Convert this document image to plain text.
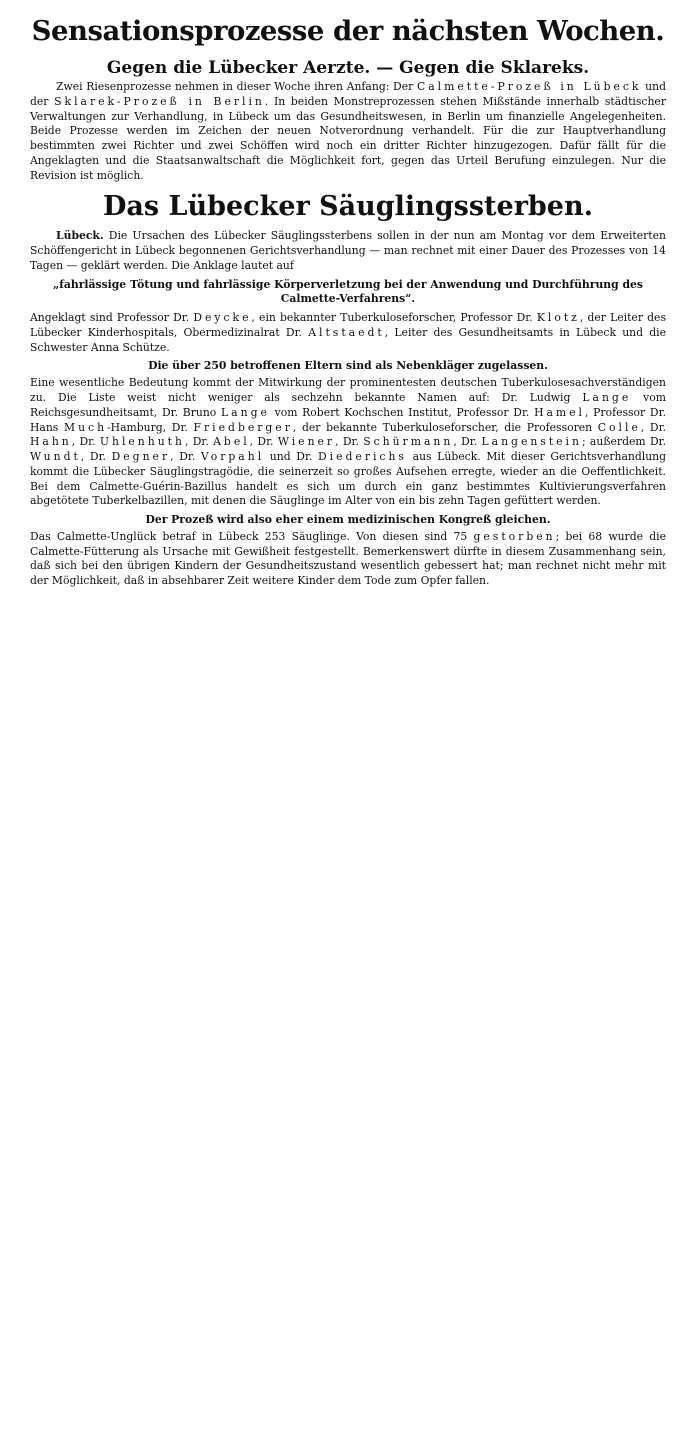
Sensationsprozesse der nächsten Wochen.
Gegen die Lübecker Aerzte. — Gegen die Sklareks.

Zwei Riesenprozesse nehmen in dieser Woche ihren Anfang: Der Calmette-Prozeß in Lübeck und der Sklarek-Prozeß in Berlin. In beiden Monstreprozessen stehen Mißstände innerhalb städtischer Verwaltungen zur Verhandlung, in Lübeck um das Gesundheitswesen, in Berlin um finanzielle Angelegenheiten. Beide Prozesse werden im Zeichen der neuen Notverordnung verhandelt. Für die zur Hauptverhandlung bestimmten zwei Richter und zwei Schöffen wird noch ein dritter Richter hinzugezogen. Dafür fällt für die Angeklagten und die Staatsanwaltschaft die Möglichkeit fort, gegen das Urteil Berufung einzulegen. Nur die Revision ist möglich.

Das Lübecker Säuglingssterben.

Lübeck. Die Ursachen des Lübecker Säuglingssterbens sollen in der nun am Montag vor dem Erweiterten Schöffengericht in Lübeck begonnenen Gerichtsverhandlung — man rechnet mit einer Dauer des Prozesses von 14 Tagen — geklärt werden. Die Anklage lautet auf

„fahrlässige Tötung und fahrlässige Körperverletzung bei der Anwendung und Durchführung des Calmette-Verfahrens“.

Angeklagt sind Professor Dr. Deycke, ein bekannter Tuberkuloseforscher, Professor Dr. Klotz, der Leiter des Lübecker Kinderhospitals, Obermedizinalrat Dr. Altstaedt, Leiter des Gesundheitsamts in Lübeck und die Schwester Anna Schütze.

Die über 250 betroffenen Eltern sind als Nebenkläger zugelassen.

Eine wesentliche Bedeutung kommt der Mitwirkung der prominentesten deutschen Tuberkulosesachverständigen zu. Die Liste weist nicht weniger als sechzehn bekannte Namen auf: Dr. Ludwig Lange vom Reichsgesundheitsamt, Dr. Bruno Lange vom Robert Kochschen Institut, Professor Dr. Hamel, Professor Dr. Hans Much-Hamburg, Dr. Friedberger, der bekannte Tuberkuloseforscher, die Professoren Colle, Dr. Hahn, Dr. Uhlenhuth, Dr. Abel, Dr. Wiener, Dr. Schürmann, Dr. Langenstein; außerdem Dr. Wundt, Dr. Degner, Dr. Vorpahl und Dr. Diederichs aus Lübeck. Mit dieser Gerichtsverhandlung kommt die Lübecker Säuglingstragödie, die seinerzeit so großes Aufsehen erregte, wieder an die Oeffentlichkeit. Bei dem Calmette-Guérin-Bazillus handelt es sich um durch ein ganz bestimmtes Kultivierungsverfahren abgetötete Tuberkelbazillen, mit denen die Säuglinge im Alter von ein bis zehn Tagen gefüttert werden.

Der Prozeß wird also eher einem medizinischen Kongreß gleichen.

Das Calmette-Unglück betraf in Lübeck 253 Säuglinge. Von diesen sind 75 gestorben; bei 68 wurde die Calmette-Fütterung als Ursache mit Gewißheit festgestellt. Bemerkenswert dürfte in diesem Zusammenhang sein, daß sich bei den übrigen Kindern der Gesundheitszustand wesentlich gebessert hat; man rechnet nicht mehr mit der Möglichkeit, daß in absehbarer Zeit weitere Kinder dem Tode zum Opfer fallen.
